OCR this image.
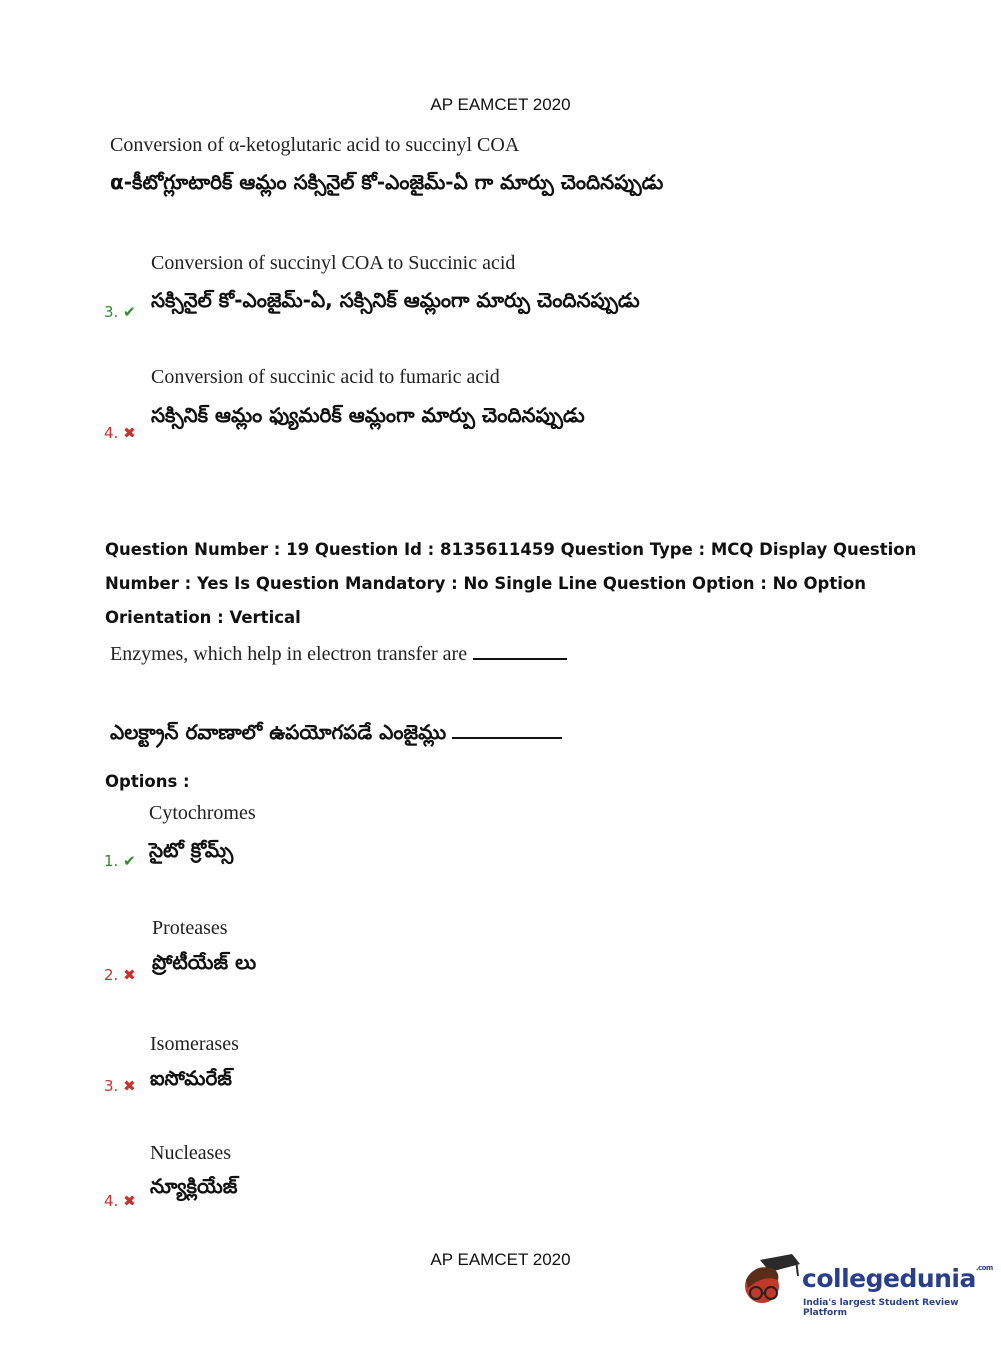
AP EAMCET 2020
Conversion of α-ketoglutaric acid to succinyl COA
α-కీటోగ్లూటారిక్ ఆమ్లం సక్సినైల్ కో-ఎంజైమ్-ఏ గా మార్పు చెందినప్పుడు
3. ✔
Conversion of succinyl COA to Succinic acid
సక్సినైల్ కో-ఎంజైమ్-ఏ, సక్సినిక్ ఆమ్లంగా మార్పు చెందినప్పుడు
4. ✖
Conversion of succinic acid to fumaric acid
సక్సినిక్ ఆమ్లం ఫ్యుమరిక్ ఆమ్లంగా మార్పు చెందినప్పుడు
Question Number : 19 Question Id : 8135611459 Question Type : MCQ Display Question
Number : Yes Is Question Mandatory : No Single Line Question Option : No Option
Orientation : Vertical
Enzymes, which help in electron transfer are
ఎలక్ట్రాన్ రవాణాలో ఉపయోగపడే ఎంజైమ్లు
Options :
1. ✔
Cytochromes
సైటో క్రోమ్స్
2. ✖
Proteases
ప్రోటీయేజ్ లు
3. ✖
Isomerases
ఐసోమరేజ్
4. ✖
Nucleases
న్యూక్లియేజ్
AP EAMCET 2020
collegedunia$^{.com}$
India's largest Student Review Platform
